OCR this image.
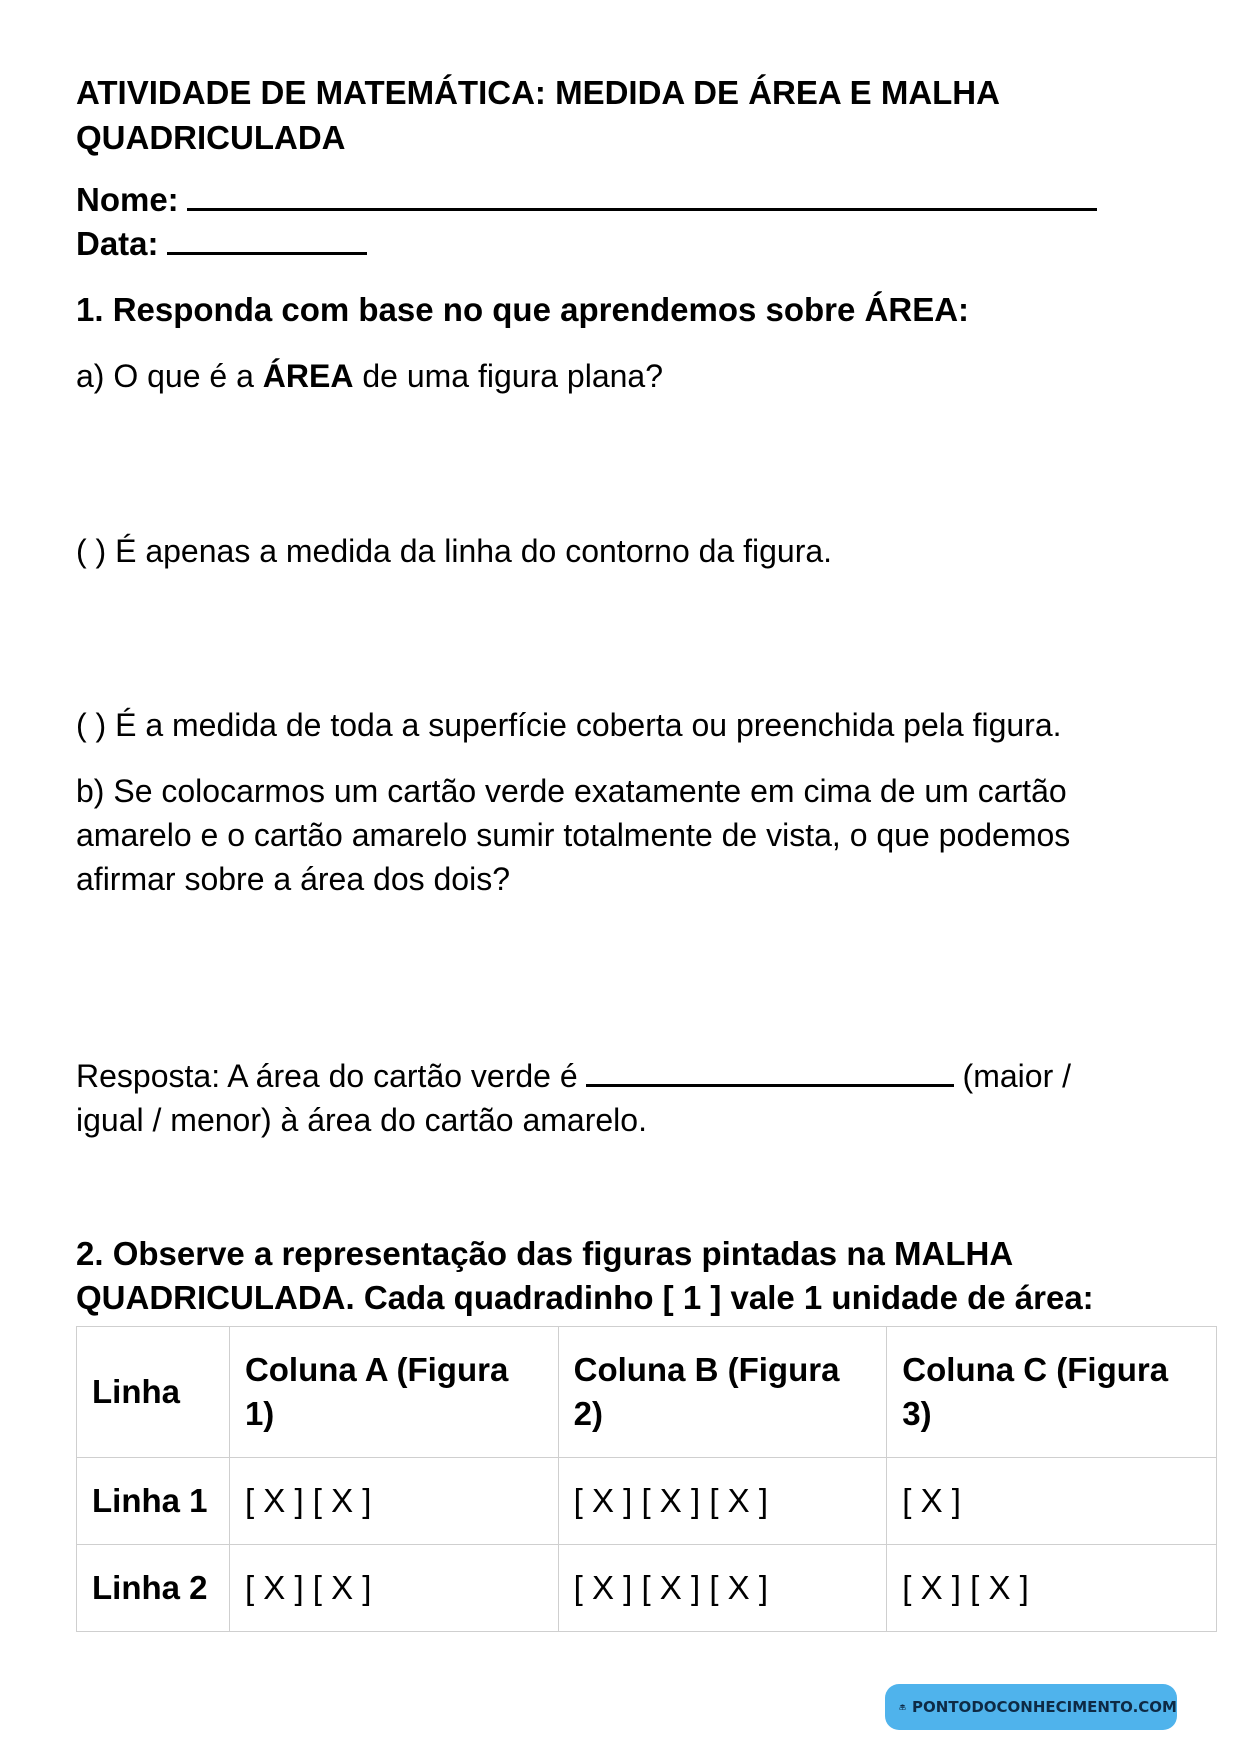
ATIVIDADE DE MATEMÁTICA: MEDIDA DE ÁREA E MALHA QUADRICULADA
Nome:
Data:

1. Responda com base no que aprendemos sobre ÁREA:

a) O que é a ÁREA de uma figura plana?

( ) É apenas a medida da linha do contorno da figura.

( ) É a medida de toda a superfície coberta ou preenchida pela figura.

b) Se colocarmos um cartão verde exatamente em cima de um cartão amarelo e o cartão amarelo sumir totalmente de vista, o que podemos afirmar sobre a área dos dois?

Resposta: A área do cartão verde é	(maior /
igual / menor) à área do cartão amarelo.

2. Observe a representação das figuras pintadas na MALHA QUADRICULADA. Cada quadradinho [ 1 ] vale 1 unidade de área:

Linha	Coluna A (Figura 1)	Coluna B (Figura 2)	Coluna C (Figura 3)
Linha 1	[ X ] [ X ]	[ X ] [ X ] [ X ]	[ X ]
Linha 2	[ X ] [ X ]	[ X ] [ X ] [ X ]	[ X ] [ X ]
PONTODOCONHECIMENTO.COM
